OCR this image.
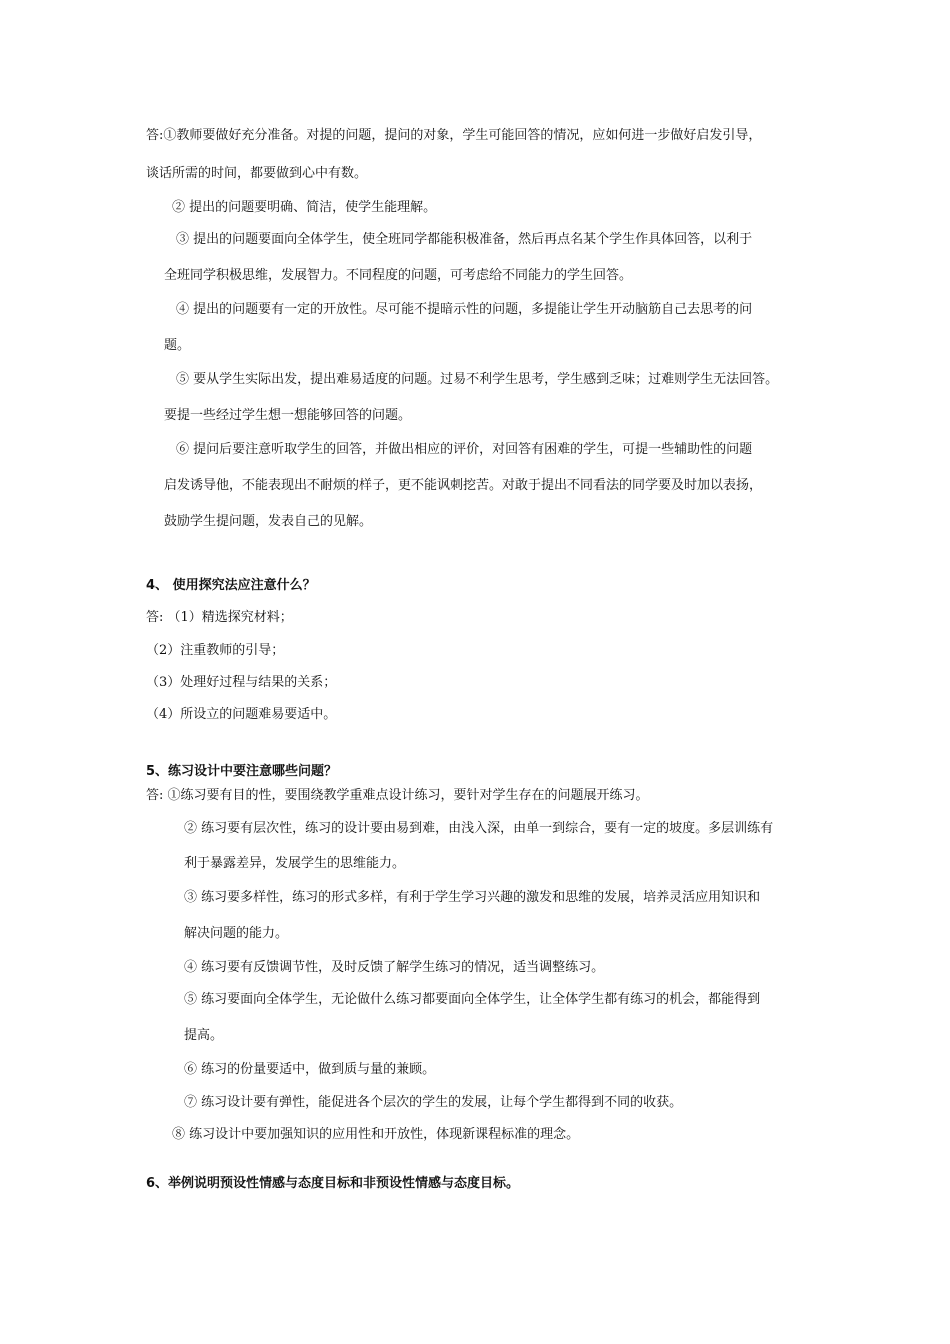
答:①教师要做好充分准备。对提的问题，提问的对象，学生可能回答的情况，应如何进一步做好启发引导，
谈话所需的时间，都要做到心中有数。
② 提出的问题要明确、简洁，使学生能理解。
③ 提出的问题要面向全体学生，使全班同学都能积极准备，然后再点名某个学生作具体回答，以利于
全班同学积极思维，发展智力。不同程度的问题，可考虑给不同能力的学生回答。
④ 提出的问题要有一定的开放性。尽可能不提暗示性的问题，多提能让学生开动脑筋自己去思考的问
题。
⑤ 要从学生实际出发，提出难易适度的问题。过易不利学生思考，学生感到乏味；过难则学生无法回答。
要提一些经过学生想一想能够回答的问题。
⑥ 提问后要注意听取学生的回答，并做出相应的评价，对回答有困难的学生，可提一些辅助性的问题
启发诱导他，不能表现出不耐烦的样子，更不能讽刺挖苦。对敢于提出不同看法的同学要及时加以表扬，
鼓励学生提问题，发表自己的见解。
4、 使用探究法应注意什么？
答: （1）精选探究材料；
（2）注重教师的引导；
（3）处理好过程与结果的关系；
（4）所设立的问题难易要适中。
5、练习设计中要注意哪些问题？
答: ①练习要有目的性，要围绕教学重难点设计练习，要针对学生存在的问题展开练习。
② 练习要有层次性，练习的设计要由易到难，由浅入深，由单一到综合，要有一定的坡度。多层训练有
利于暴露差异，发展学生的思维能力。
③ 练习要多样性，练习的形式多样，有利于学生学习兴趣的激发和思维的发展，培养灵活应用知识和
解决问题的能力。
④ 练习要有反馈调节性，及时反馈了解学生练习的情况，适当调整练习。
⑤ 练习要面向全体学生，无论做什么练习都要面向全体学生，让全体学生都有练习的机会，都能得到
提高。
⑥ 练习的份量要适中，做到质与量的兼顾。
⑦ 练习设计要有弹性，能促进各个层次的学生的发展，让每个学生都得到不同的收获。
⑧ 练习设计中要加强知识的应用性和开放性，体现新课程标准的理念。
6、举例说明预设性情感与态度目标和非预设性情感与态度目标。
